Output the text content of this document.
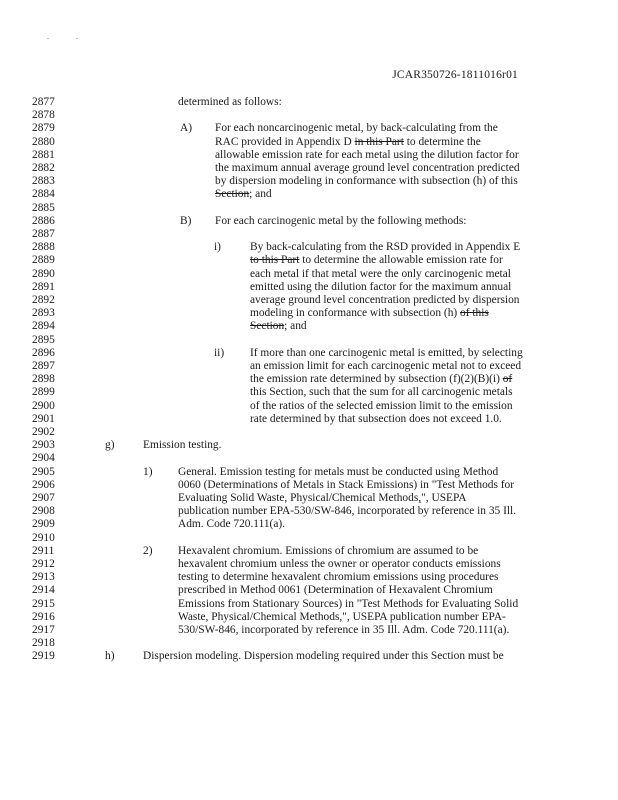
JCAR350726-1811016r01
2877	determined as follows:
2878
2879	A) For each noncarcinogenic metal, by back-calculating from the
2880	RAC provided in Appendix D in this Part to determine the
2881	allowable emission rate for each metal using the dilution factor for
2882	the maximum annual average ground level concentration predicted
2883	by dispersion modeling in conformance with subsection (h) of this
2884	Section; and
2885
2886	B) For each carcinogenic metal by the following methods:
2887
2888	i)	By back-calculating from the RSD provided in Appendix E
2889	to this Part to determine the allowable emission rate for
2890	each metal if that metal were the only carcinogenic metal
2891	emitted using the dilution factor for the maximum annual
2892	average ground level concentration predicted by dispersion
2893	modeling in conformance with subsection (h) of this
2894	Section; and
2895
2896	ii) If more than one carcinogenic metal is emitted, by selecting
2897	an emission limit for each carcinogenic metal not to exceed
2898	the emission rate determined by subsection (f)(2)(B)(i) of
2899	this Section, such that the sum for all carcinogenic metals
2900	of the ratios of the selected emission limit to the emission
2901	rate determined by that subsection does not exceed 1.0.
2902
2903	g)	Emission testing.
2904
2905	1) General. Emission testing for metals must be conducted using Method
2906	0060 (Determinations of Metals in Stack Emissions) in "Test Methods for
2907	Evaluating Solid Waste, Physical/Chemical Methods,", USEPA
2908	publication number EPA-530/SW-846, incorporated by reference in 35 Ill.
2909	Adm. Code 720.111(a).
2910
2911	2) Hexavalent chromium. Emissions of chromium are assumed to be
2912	hexavalent chromium unless the owner or operator conducts emissions
2913	testing to determine hexavalent chromium emissions using procedures
2914	prescribed in Method 0061 (Determination of Hexavalent Chromium
2915	Emissions from Stationary Sources) in "Test Methods for Evaluating Solid
2916	Waste, Physical/Chemical Methods,", USEPA publication number EPA-
2917	530/SW-846, incorporated by reference in 35 Ill. Adm. Code 720.111(a).
2918
2919	h)	Dispersion modeling. Dispersion modeling required under this Section must be
